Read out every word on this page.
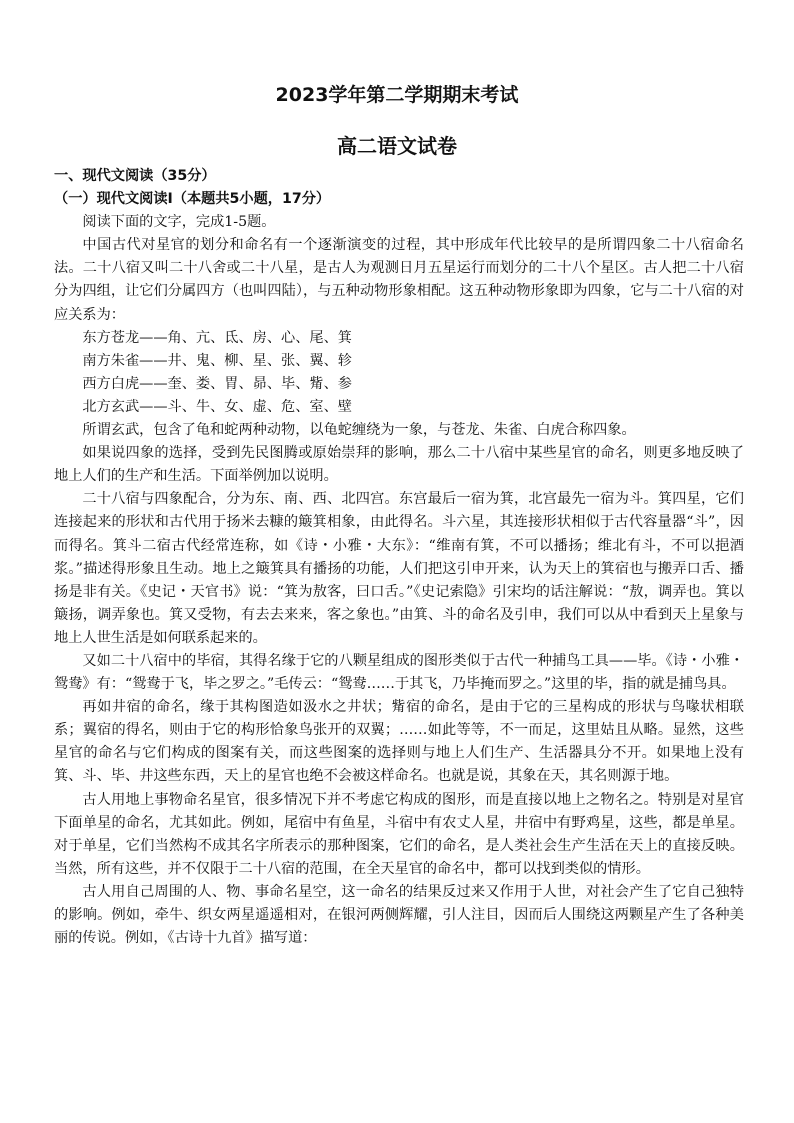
2023学年第二学期期末考试
高二语文试卷

一、现代文阅读（35分）

（一）现代文阅读Ⅰ（本题共5小题，17分）

阅读下面的文字，完成1-5题。

中国古代对星官的划分和命名有一个逐渐演变的过程，其中形成年代比较早的是所谓四象二十八宿命名法。二十八宿又叫二十八舍或二十八星，是古人为观测日月五星运行而划分的二十八个星区。古人把二十八宿分为四组，让它们分属四方（也叫四陆），与五种动物形象相配。这五种动物形象即为四象，它与二十八宿的对应关系为：

东方苍龙——角、亢、氐、房、心、尾、箕

南方朱雀——井、鬼、柳、星、张、翼、轸

西方白虎——奎、娄、胃、昴、毕、觜、参

北方玄武——斗、牛、女、虚、危、室、壁

所谓玄武，包含了龟和蛇两种动物，以龟蛇缠绕为一象，与苍龙、朱雀、白虎合称四象。

如果说四象的选择，受到先民图腾或原始崇拜的影响，那么二十八宿中某些星官的命名，则更多地反映了地上人们的生产和生活。下面举例加以说明。

二十八宿与四象配合，分为东、南、西、北四宫。东宫最后一宿为箕，北宫最先一宿为斗。箕四星，它们连接起来的形状和古代用于扬米去糠的簸箕相象，由此得名。斗六星，其连接形状相似于古代容量器“斗”，因而得名。箕斗二宿古代经常连称，如《诗・小雅・大东》：“维南有箕，不可以播扬；维北有斗，不可以挹酒浆。”描述得形象且生动。地上之簸箕具有播扬的功能，人们把这引申开来，认为天上的箕宿也与搬弄口舌、播扬是非有关。《史记・天官书》说：“箕为敖客，曰口舌。”《史记索隐》引宋均的话注解说：“敖，调弄也。箕以簸扬，调弄象也。箕又受物，有去去来来，客之象也。”由箕、斗的命名及引申，我们可以从中看到天上星象与地上人世生活是如何联系起来的。

又如二十八宿中的毕宿，其得名缘于它的八颗星组成的图形类似于古代一种捕鸟工具——毕。《诗・小雅・鸳鸯》有：“鸳鸯于飞，毕之罗之。”毛传云：“鸳鸯……于其飞，乃毕掩而罗之。”这里的毕，指的就是捕鸟具。

再如井宿的命名，缘于其构图造如汲水之井状；觜宿的命名，是由于它的三星构成的形状与鸟喙状相联系；翼宿的得名，则由于它的构形恰象鸟张开的双翼；……如此等等，不一而足，这里姑且从略。显然，这些星官的命名与它们构成的图案有关，而这些图案的选择则与地上人们生产、生活器具分不开。如果地上没有箕、斗、毕、井这些东西，天上的星官也绝不会被这样命名。也就是说，其象在天，其名则源于地。

古人用地上事物命名星官，很多情况下并不考虑它构成的图形，而是直接以地上之物名之。特别是对星官下面单星的命名，尤其如此。例如，尾宿中有鱼星，斗宿中有农丈人星，井宿中有野鸡星，这些，都是单星。对于单星，它们当然构不成其名字所表示的那种图案，它们的命名，是人类社会生产生活在天上的直接反映。当然，所有这些，并不仅限于二十八宿的范围，在全天星官的命名中，都可以找到类似的情形。

古人用自己周围的人、物、事命名星空，这一命名的结果反过来又作用于人世，对社会产生了它自己独特的影响。例如，牵牛、织女两星遥遥相对，在银河两侧辉耀，引人注目，因而后人围绕这两颗星产生了各种美丽的传说。例如，《古诗十九首》描写道：
